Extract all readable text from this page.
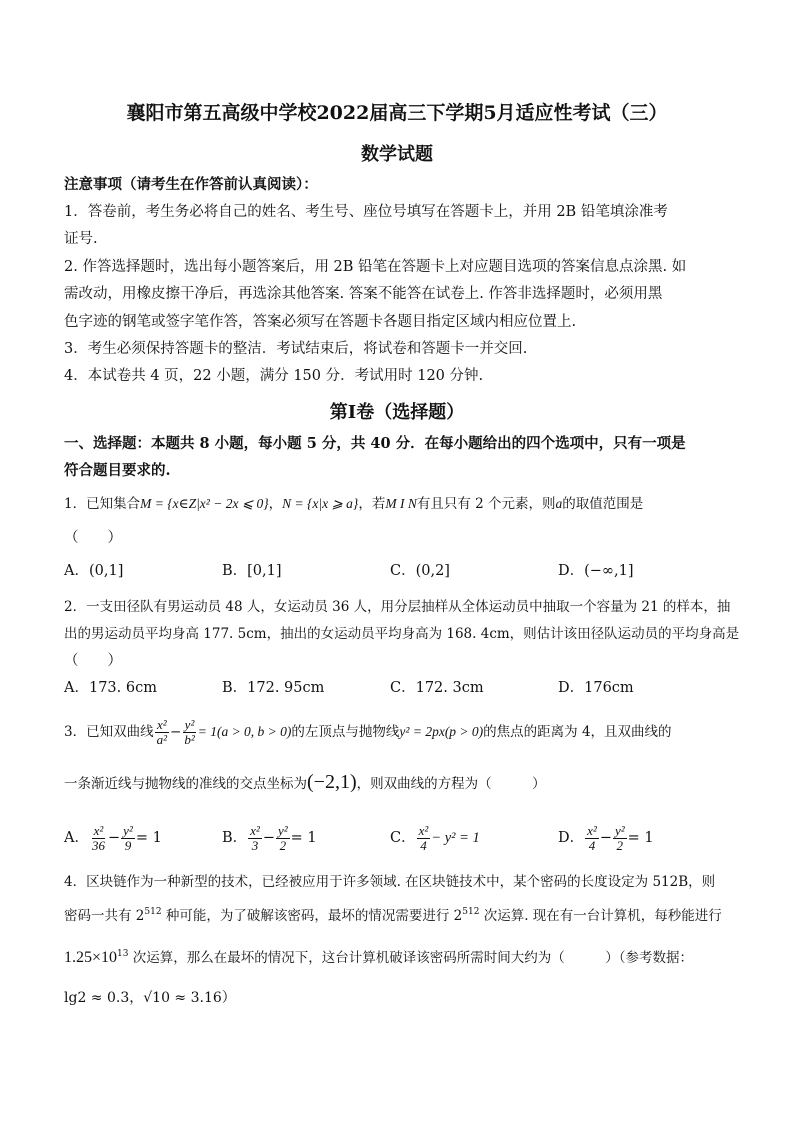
襄阳市第五高级中学校2022届高三下学期5月适应性考试（三）
数学试题
注意事项（请考生在作答前认真阅读）：
1．答卷前，考生务必将自己的姓名、考生号、座位号填写在答题卡上，并用 2B 铅笔填涂准考
证号.
2. 作答选择题时，选出每小题答案后，用 2B 铅笔在答题卡上对应题目选项的答案信息点涂黑. 如
需改动，用橡皮擦干净后，再选涂其他答案. 答案不能答在试卷上. 作答非选择题时，必须用黑
色字迹的钢笔或签字笔作答，答案必须写在答题卡各题目指定区域内相应位置上.
3．考生必须保持答题卡的整洁．考试结束后，将试卷和答题卡一并交回.
4．本试卷共 4 页，22 小题，满分 150 分．考试用时 120 分钟.
第Ⅰ卷（选择题）
一、选择题：本题共 8 小题，每小题 5 分，共 40 分．在每小题给出的四个选项中，只有一项是
符合题目要求的.
1．已知集合M = {x∈Z|x² − 2x ⩽ 0}，N = {x|x ⩾ a}，若M I N有且只有 2 个元素，则a的取值范围是
（　　）
A．(0,1]	B．[0,1]	C．(0,2]	D．(−∞,1]
2．一支田径队有男运动员 48 人，女运动员 36 人，用分层抽样从全体运动员中抽取一个容量为 21 的样本，抽
出的男运动员平均身高 177. 5cm，抽出的女运动员平均身高为 168. 4cm，则估计该田径队运动员的平均身高是
（　　）
A．173. 6cm	B．172. 95cm	C．172. 3cm	D．176cm
3．已知双曲线 $\frac{\text{x²}}{\text{a²}} - \frac{\text{y²}}{\text{b²}} = 1(a > 0$, b > 0)的左顶点与抛物线y² = 2px(p > 0)的焦点的距离为 4，且双曲线的
一条渐近线与抛物线的准线的交点坐标为(−2,1)，则双曲线的方程为（　　　）
A． $\frac{\text{x²}}{36} - \frac{\text{y²}}{9} = 1$	B． $\frac{\text{x²}}{3} - \frac{\text{y²}}{2} = 1$	C． $\frac{\text{x²}}{4} - y^2 = 1$	D． $\frac{\text{x²}}{4} - \frac{\text{y²}}{2} = 1$
4．区块链作为一种新型的技术，已经被应用于许多领域. 在区块链技术中，某个密码的长度设定为 512B，则
密码一共有 $2^{512}$ 种可能，为了破解该密码，最坏的情况需要进行 $2^{512}$ 次运算. 现在有一台计算机，每秒能进行
$1.25\times 10^{13}$ 次运算，那么在最坏的情况下，这台计算机破译该密码所需时间大约为（　　　）（参考数据：
lg2 ≈ 0.3，√10 ≈ 3.16）
